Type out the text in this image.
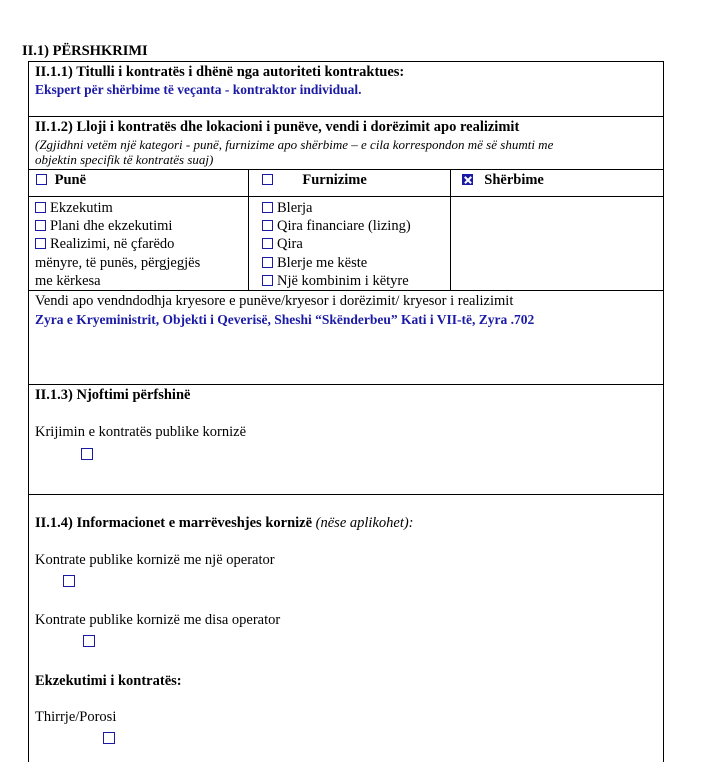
II.1) PËRSHKRIMI
II.1.1) Titulli i kontratës i dhënë nga autoriteti kontraktues:
Ekspert për shërbime të veçanta - kontraktor individual.
II.1.2) Lloji i kontratës dhe lokacioni i punëve, vendi i dorëzimit apo realizimit
(Zgjidhni vetëm një kategori - punë, furnizime apo shërbime – e cila korrespondon më së shumti me
objektin specifik të kontratës suaj)
Punë	Furnizime	Shërbime
Ekzekutim
Plani dhe ekzekutimi
Realizimi, në çfarëdo
mënyre, të punës, përgjegjës
me kërkesa
Blerja
Qira financiare (lizing)
Qira
Blerje me këste
Një kombinim i këtyre
Vendi apo vendndodhja kryesore e punëve/kryesor i dorëzimit/ kryesor i realizimit
Zyra e Kryeministrit, Objekti i Qeverisë, Sheshi “Skënderbeu” Kati i VII-të, Zyra .702
II.1.3) Njoftimi përfshinë
Krijimin e kontratës publike kornizë

II.1.4) Informacionet e marrëveshjes kornizë (nëse aplikohet):
Kontrate publike kornizë me një operator

Kontrate publike kornizë me disa operator

Ekzekutimi i kontratës:
Thirrje/Porosi
